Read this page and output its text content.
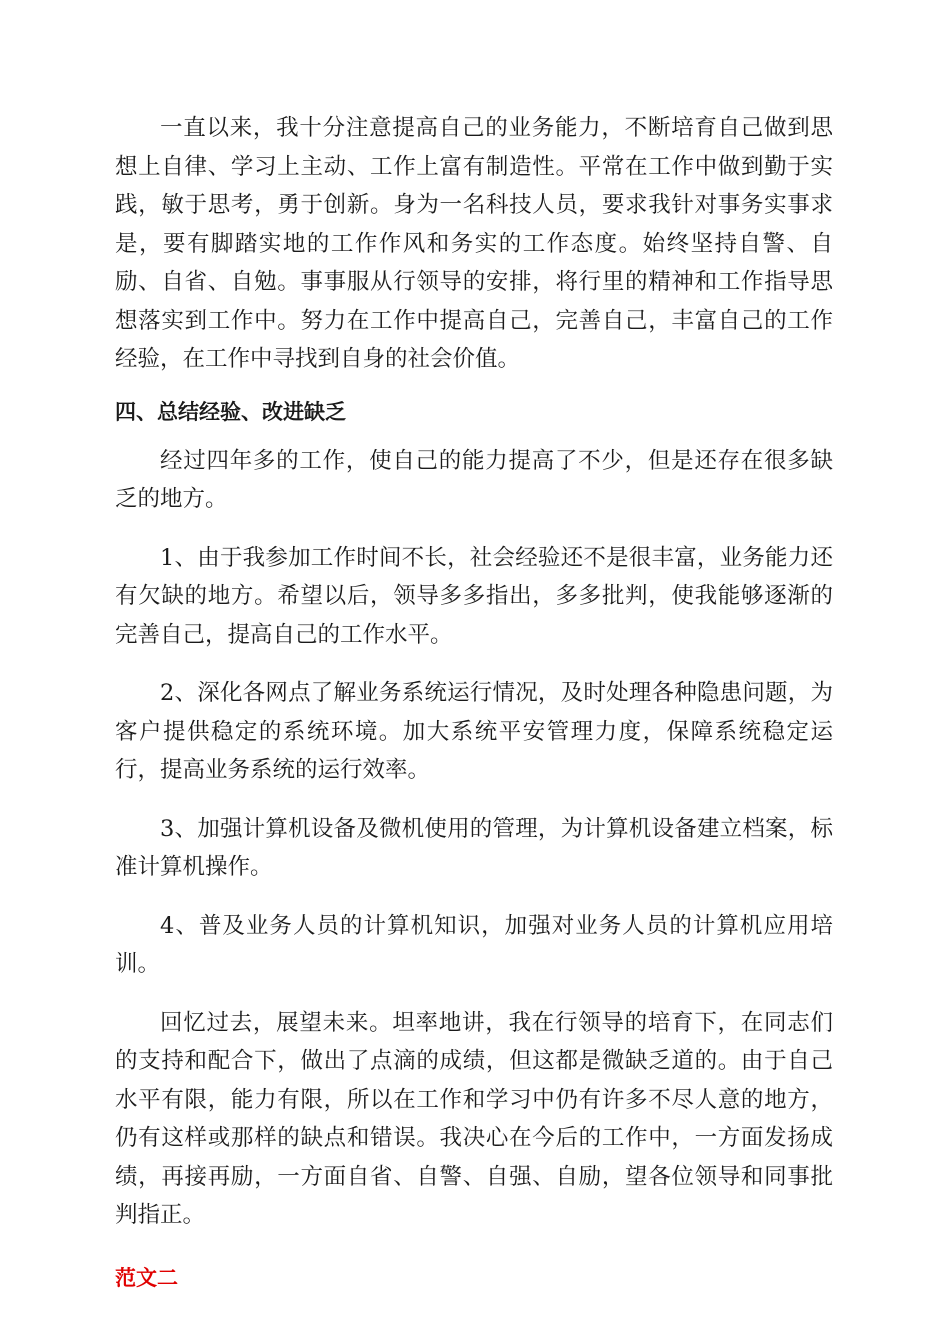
一直以来，我十分注意提高自己的业务能力，不断培育自己做到思想上自律、学习上主动、工作上富有制造性。平常在工作中做到勤于实践，敏于思考，勇于创新。身为一名科技人员，要求我针对事务实事求是，要有脚踏实地的工作作风和务实的工作态度。始终坚持自警、自励、自省、自勉。事事服从行领导的安排，将行里的精神和工作指导思想落实到工作中。努力在工作中提高自己，完善自己，丰富自己的工作经验，在工作中寻找到自身的社会价值。

四、总结经验、改进缺乏

经过四年多的工作，使自己的能力提高了不少，但是还存在很多缺乏的地方。

1、由于我参加工作时间不长，社会经验还不是很丰富，业务能力还有欠缺的地方。希望以后，领导多多指出，多多批判，使我能够逐渐的完善自己，提高自己的工作水平。

2、深化各网点了解业务系统运行情况，及时处理各种隐患问题，为客户提供稳定的系统环境。加大系统平安管理力度，保障系统稳定运行，提高业务系统的运行效率。

3、加强计算机设备及微机使用的管理，为计算机设备建立档案，标准计算机操作。

4、普及业务人员的计算机知识，加强对业务人员的计算机应用培训。

回忆过去，展望未来。坦率地讲，我在行领导的培育下，在同志们的支持和配合下，做出了点滴的成绩，但这都是微缺乏道的。由于自己水平有限，能力有限，所以在工作和学习中仍有许多不尽人意的地方，仍有这样或那样的缺点和错误。我决心在今后的工作中，一方面发扬成绩，再接再励，一方面自省、自警、自强、自励，望各位领导和同事批判指正。

范文二
